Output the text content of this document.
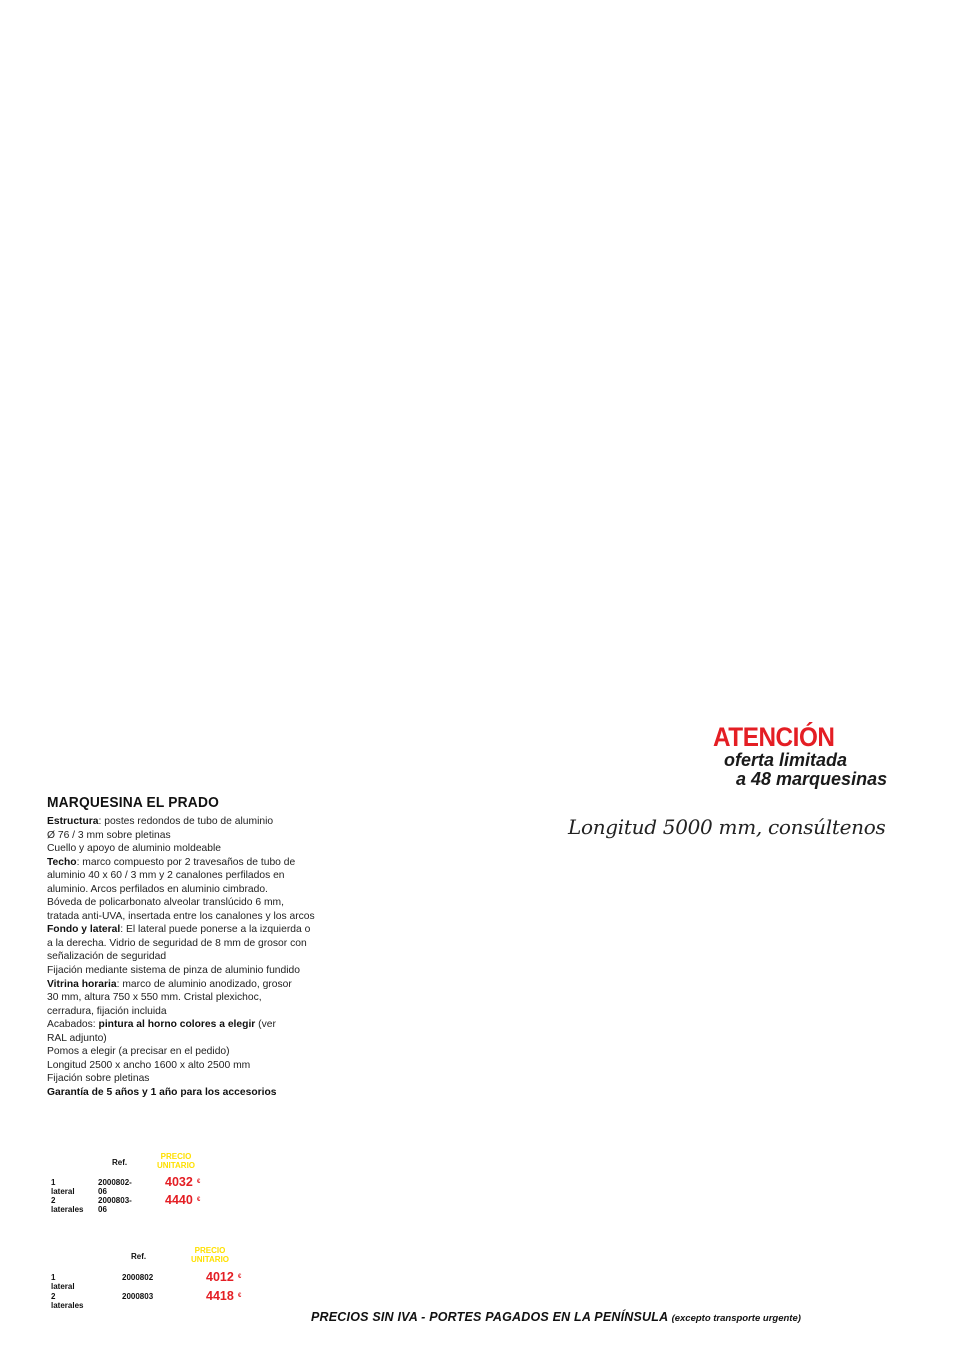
ATENCIÓN
oferta limitada
a 48 marquesinas
Longitud 5000 mm, consúltenos
MARQUESINA EL PRADO
Estructura: postes redondos de tubo de aluminio
Ø 76 / 3 mm sobre pletinas
Cuello y apoyo de aluminio moldeable
Techo: marco compuesto por 2 travesaños de tubo de
aluminio 40 x 60 / 3 mm y 2 canalones perfilados en
aluminio. Arcos perfilados en aluminio cimbrado.
Bóveda de policarbonato alveolar translúcido 6 mm,
tratada anti-UVA, insertada entre los canalones y los arcos
Fondo y lateral: El lateral puede ponerse a la izquierda o
a la derecha. Vidrio de seguridad de 8 mm de grosor con
señalización de seguridad
Fijación mediante sistema de pinza de aluminio fundido
Vitrina horaria: marco de aluminio anodizado, grosor
30 mm, altura 750 x 550 mm. Cristal plexichoc,
cerradura, fijación incluida
Acabados: pintura al horno colores a elegir (ver
RAL adjunto)
Pomos a elegir (a precisar en el pedido)
Longitud 2500 x ancho 1600 x alto 2500 mm
Fijación sobre pletinas
Garantía de 5 años y 1 año para los accesorios
Ref.
PRECIO
UNITARIO
1 lateral
2000802-06
4032 €
2 laterales
2000803-06
4440 €
Ref.
PRECIO
UNITARIO
1 lateral
2000802	4012 €
2 laterales
2000803	4418 €
PRECIOS SIN IVA - PORTES PAGADOS EN LA PENÍNSULA (excepto transporte urgente)
